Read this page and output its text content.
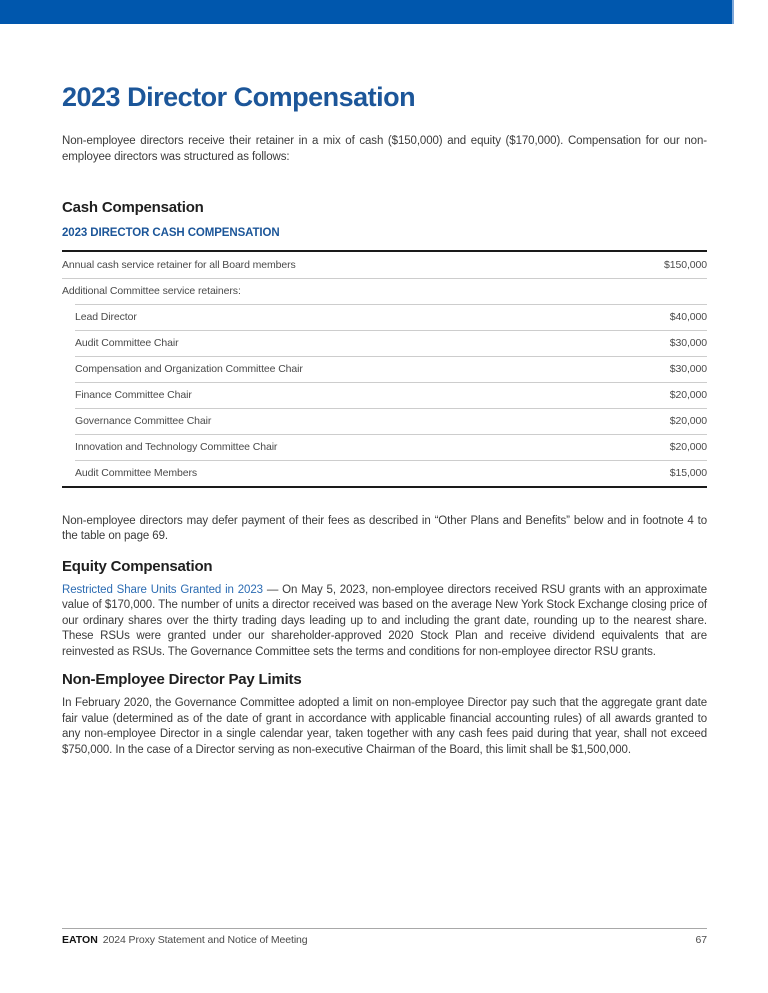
2023 Director Compensation

Non-employee directors receive their retainer in a mix of cash ($150,000) and equity ($170,000). Compensation for our non-employee directors was structured as follows:

Cash Compensation
2023 DIRECTOR CASH COMPENSATION
Annual cash service retainer for all Board members	$150,000
Additional Committee service retainers:
Lead Director	$40,000
Audit Committee Chair	$30,000
Compensation and Organization Committee Chair	$30,000
Finance Committee Chair	$20,000
Governance Committee Chair	$20,000
Innovation and Technology Committee Chair	$20,000
Audit Committee Members	$15,000

Non-employee directors may defer payment of their fees as described in “Other Plans and Benefits” below and in footnote 4 to the table on page 69.

Equity Compensation

Restricted Share Units Granted in 2023 — On May 5, 2023, non-employee directors received RSU grants with an approximate value of $170,000. The number of units a director received was based on the average New York Stock Exchange closing price of our ordinary shares over the thirty trading days leading up to and including the grant date, rounding up to the nearest share. These RSUs were granted under our shareholder-approved 2020 Stock Plan and receive dividend equivalents that are reinvested as RSUs. The Governance Committee sets the terms and conditions for non-employee director RSU grants.

Non-Employee Director Pay Limits

In February 2020, the Governance Committee adopted a limit on non-employee Director pay such that the aggregate grant date fair value (determined as of the date of grant in accordance with applicable financial accounting rules) of all awards granted to any non-employee Director in a single calendar year, taken together with any cash fees paid during that year, shall not exceed $750,000. In the case of a Director serving as non-executive Chairman of the Board, this limit shall be $1,500,000.

EATON 2024 Proxy Statement and Notice of Meeting	67
